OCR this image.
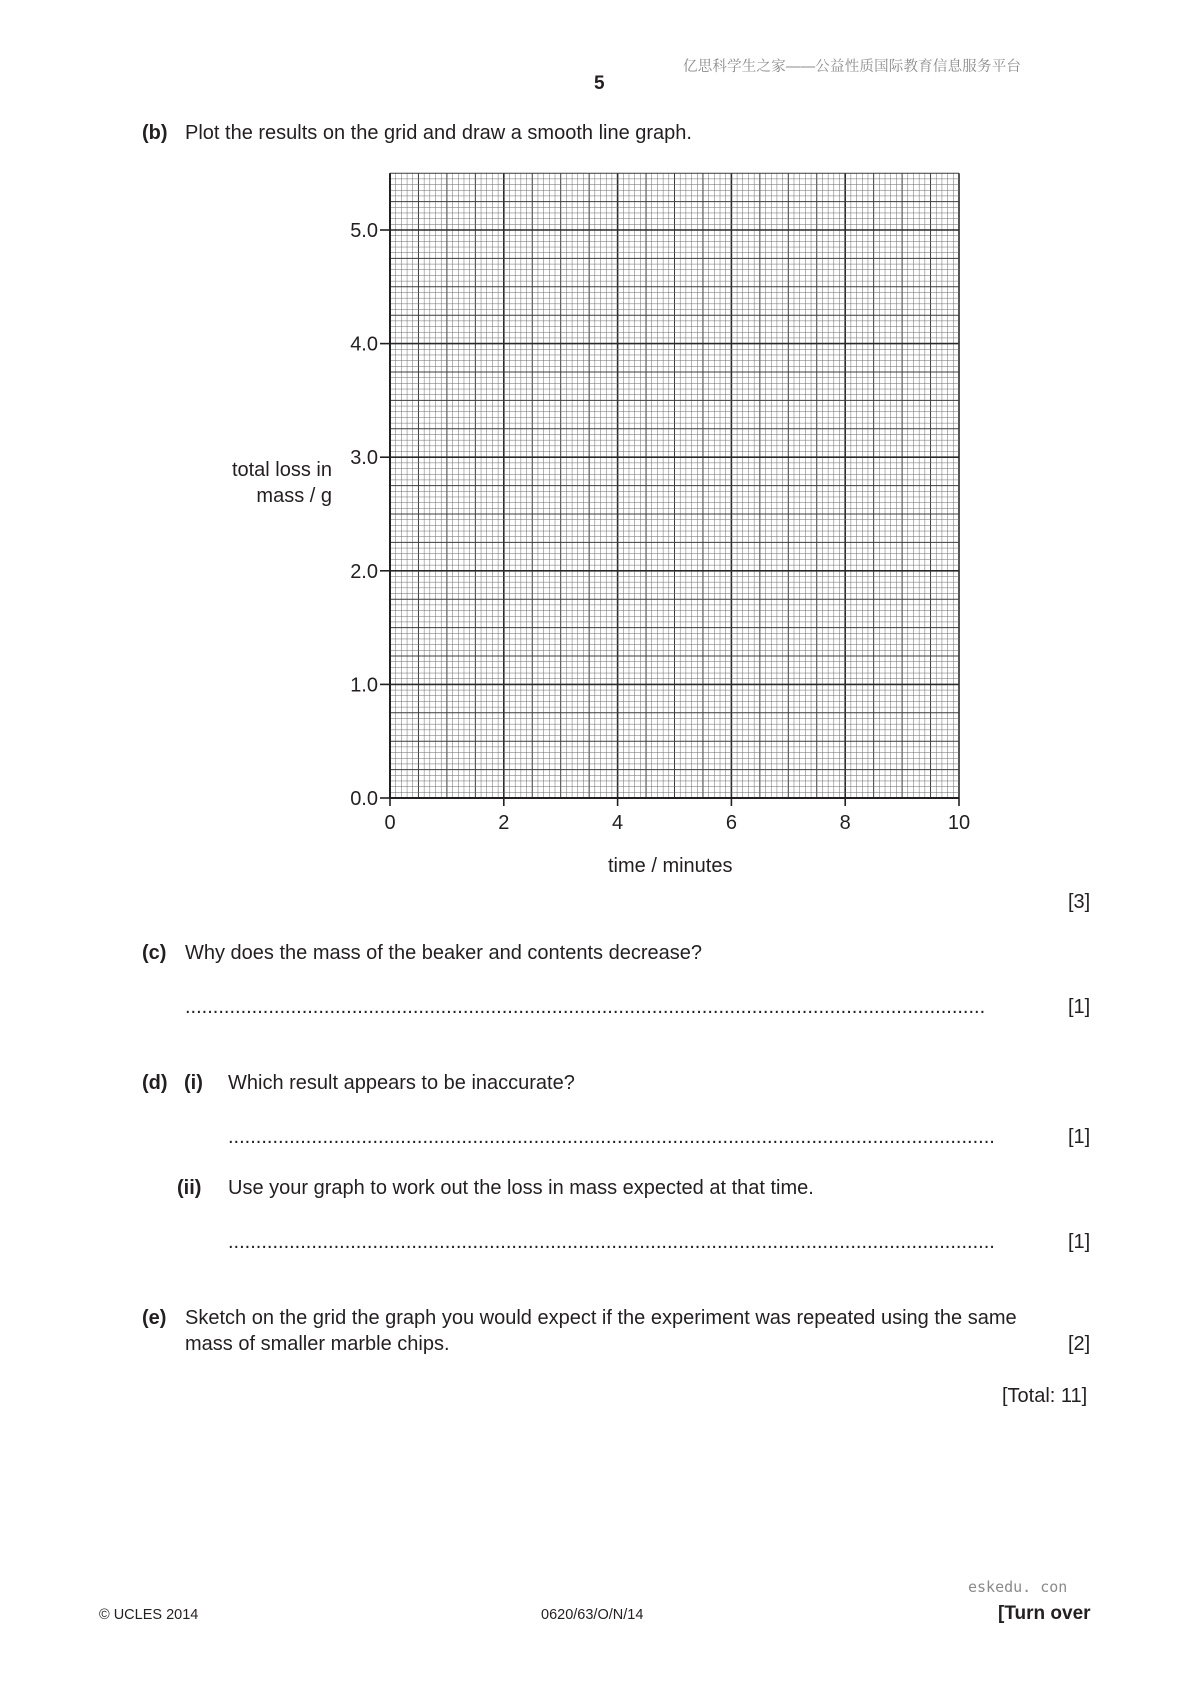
亿思科学生之家——公益性质国际教育信息服务平台
5
(b) Plot the results on the grid and draw a smooth line graph.
0.0
1.0
2.0
3.0
4.0
5.0
0	2	4	6	8	10
total loss in
mass / g
time / minutes
[3]
(c) Why does the mass of the beaker and contents decrease?
................................................................................................................................................	[1]
(d) (i) Which result appears to be inaccurate?
..........................................................................................................................................	[1]
(ii) Use your graph to work out the loss in mass expected at that time.
..........................................................................................................................................	[1]
(e) Sketch on the grid the graph you would expect if the experiment was repeated using the same
mass of smaller marble chips.	[2]
[Total: 11]
eskedu. con
© UCLES 2014	0620/63/O/N/14	[Turn over
